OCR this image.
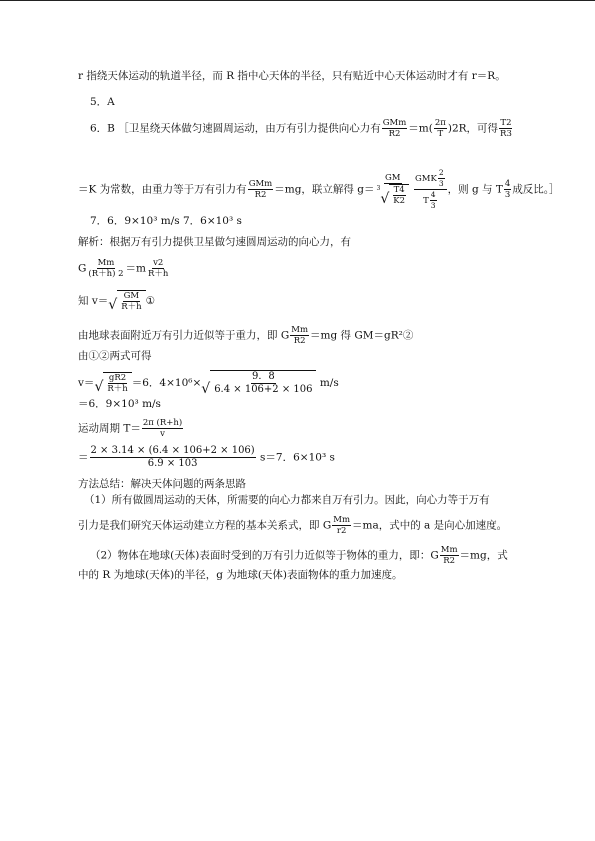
r 指绕天体运动的轨道半径，而 R 指中心天体的半径，只有贴近中心天体运动时才有 r＝R。
5．A
6．B ［卫星绕天体做匀速圆周运动，由万有引力提供向心力有 GMm
$R2 =m( \frac{2\pi}{T} )2R$，可得 $\frac{T2}{R3}$
＝K 为常数，由重力等于万有引力有 GMm
R2 ＝mg，联立解得 g＝ GM
$^3$
√
T4
K2 GMK $\frac{2}{3}$
T $\frac{4}{3}$
，则 g 与 T $\frac{4}{3}$ 成反比。］
7．6．9×10³ m/s 7．6×10³ s
解析：根据万有引力提供卫星做匀速圆周运动的向心力，有
G $\frac{Mm}{(R+h) 2} =m \frac{v2}{R+h}$
知 v＝ √
GM
R＋h ①
由地球表面附近万有引力近似等于重力，即 G $\frac{Mm}{R2} =mg$ 得 GM＝gR²②
由①②两式可得
v＝ √
gR2
R＋h ＝6．4×10⁶× √
9．8
6.4 × 106+2 × 106
m/s
＝6．9×10³ m/s
运动周期 $T= \frac{2\pi (R+h)}{v}$
＝ $\frac{2 \times 3.14 \times (6.4 \times 106+2 \times 106)}{6.9 \times 103} s=7$．6×10³ s
方法总结：解决天体问题的两条思路
（1）所有做圆周运动的天体，所需要的向心力都来自万有引力。因此，向心力等于万有
引力是我们研究天体运动建立方程的基本关系式，即 G $\frac{Mm}{r2} =ma$，式中的 a 是向心加速度。
（2）物体在地球(天体)表面时受到的万有引力近似等于物体的重力，即：G $\frac{Mm}{R2} =mg$，式
中的 R 为地球(天体)的半径，g 为地球(天体)表面物体的重力加速度。
